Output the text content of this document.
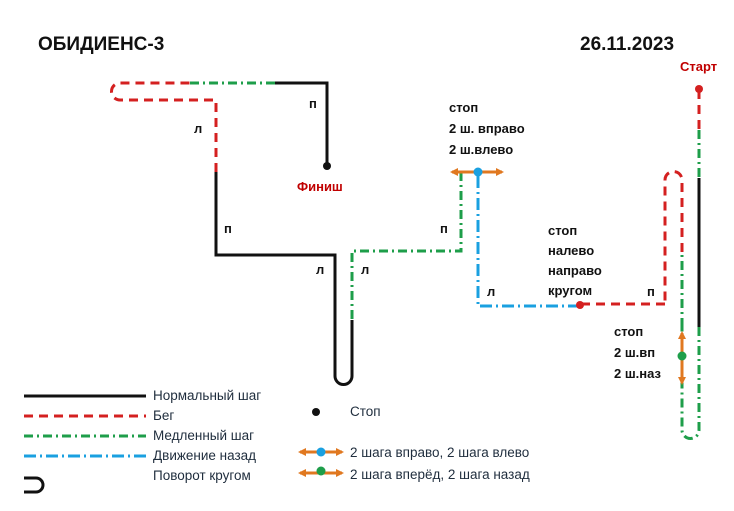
ОБИДИЕНС-3	26.11.2023
Старт
Финиш
п
л
п
л	л
п
л	п
стоп
2 ш. вправо
2 ш.влево
стоп
налево
направо
кругом
стоп
2 ш.вп
2 ш.наз
Нормальный шаг
Бег
Медленный шаг
Движение назад
Поворот кругом
Стоп
2 шага вправо, 2 шага влево
2 шага вперёд, 2 шага назад
